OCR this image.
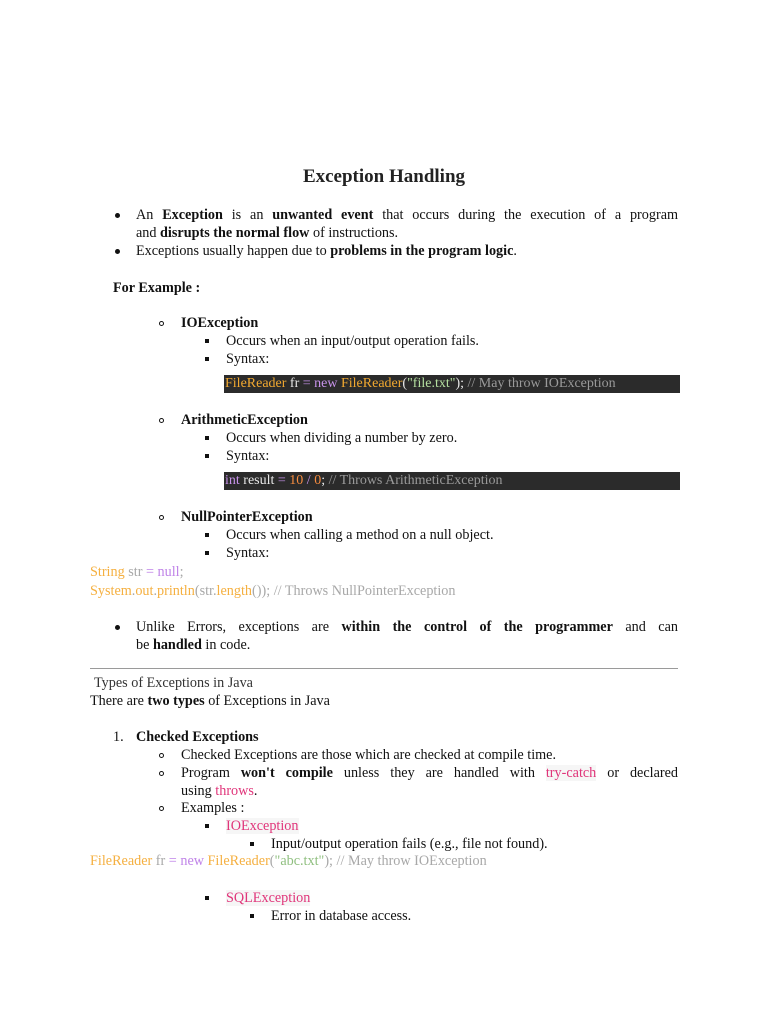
Exception Handling
An Exception is an unwanted event that occurs during the execution of a program
and disrupts the normal flow of instructions.
Exceptions usually happen due to problems in the program logic.
For Example :
IOException
Occurs when an input/output operation fails.
Syntax:
FileReader fr = new FileReader("file.txt"); // May throw IOException
ArithmeticException
Occurs when dividing a number by zero.
Syntax:
int result = 10 / 0; // Throws ArithmeticException
NullPointerException
Occurs when calling a method on a null object.
Syntax:
String str = null;
System.out.println(str.length()); // Throws NullPointerException
Unlike Errors, exceptions are within the control of the programmer and can
be handled in code.
Types of Exceptions in Java
There are two types of Exceptions in Java
1. Checked Exceptions
Checked Exceptions are those which are checked at compile time.
Program won't compile unless they are handled with try-catch or declared
using throws.
Examples :
IOException
Input/output operation fails (e.g., file not found).
FileReader fr = new FileReader("abc.txt"); // May throw IOException
SQLException
Error in database access.
